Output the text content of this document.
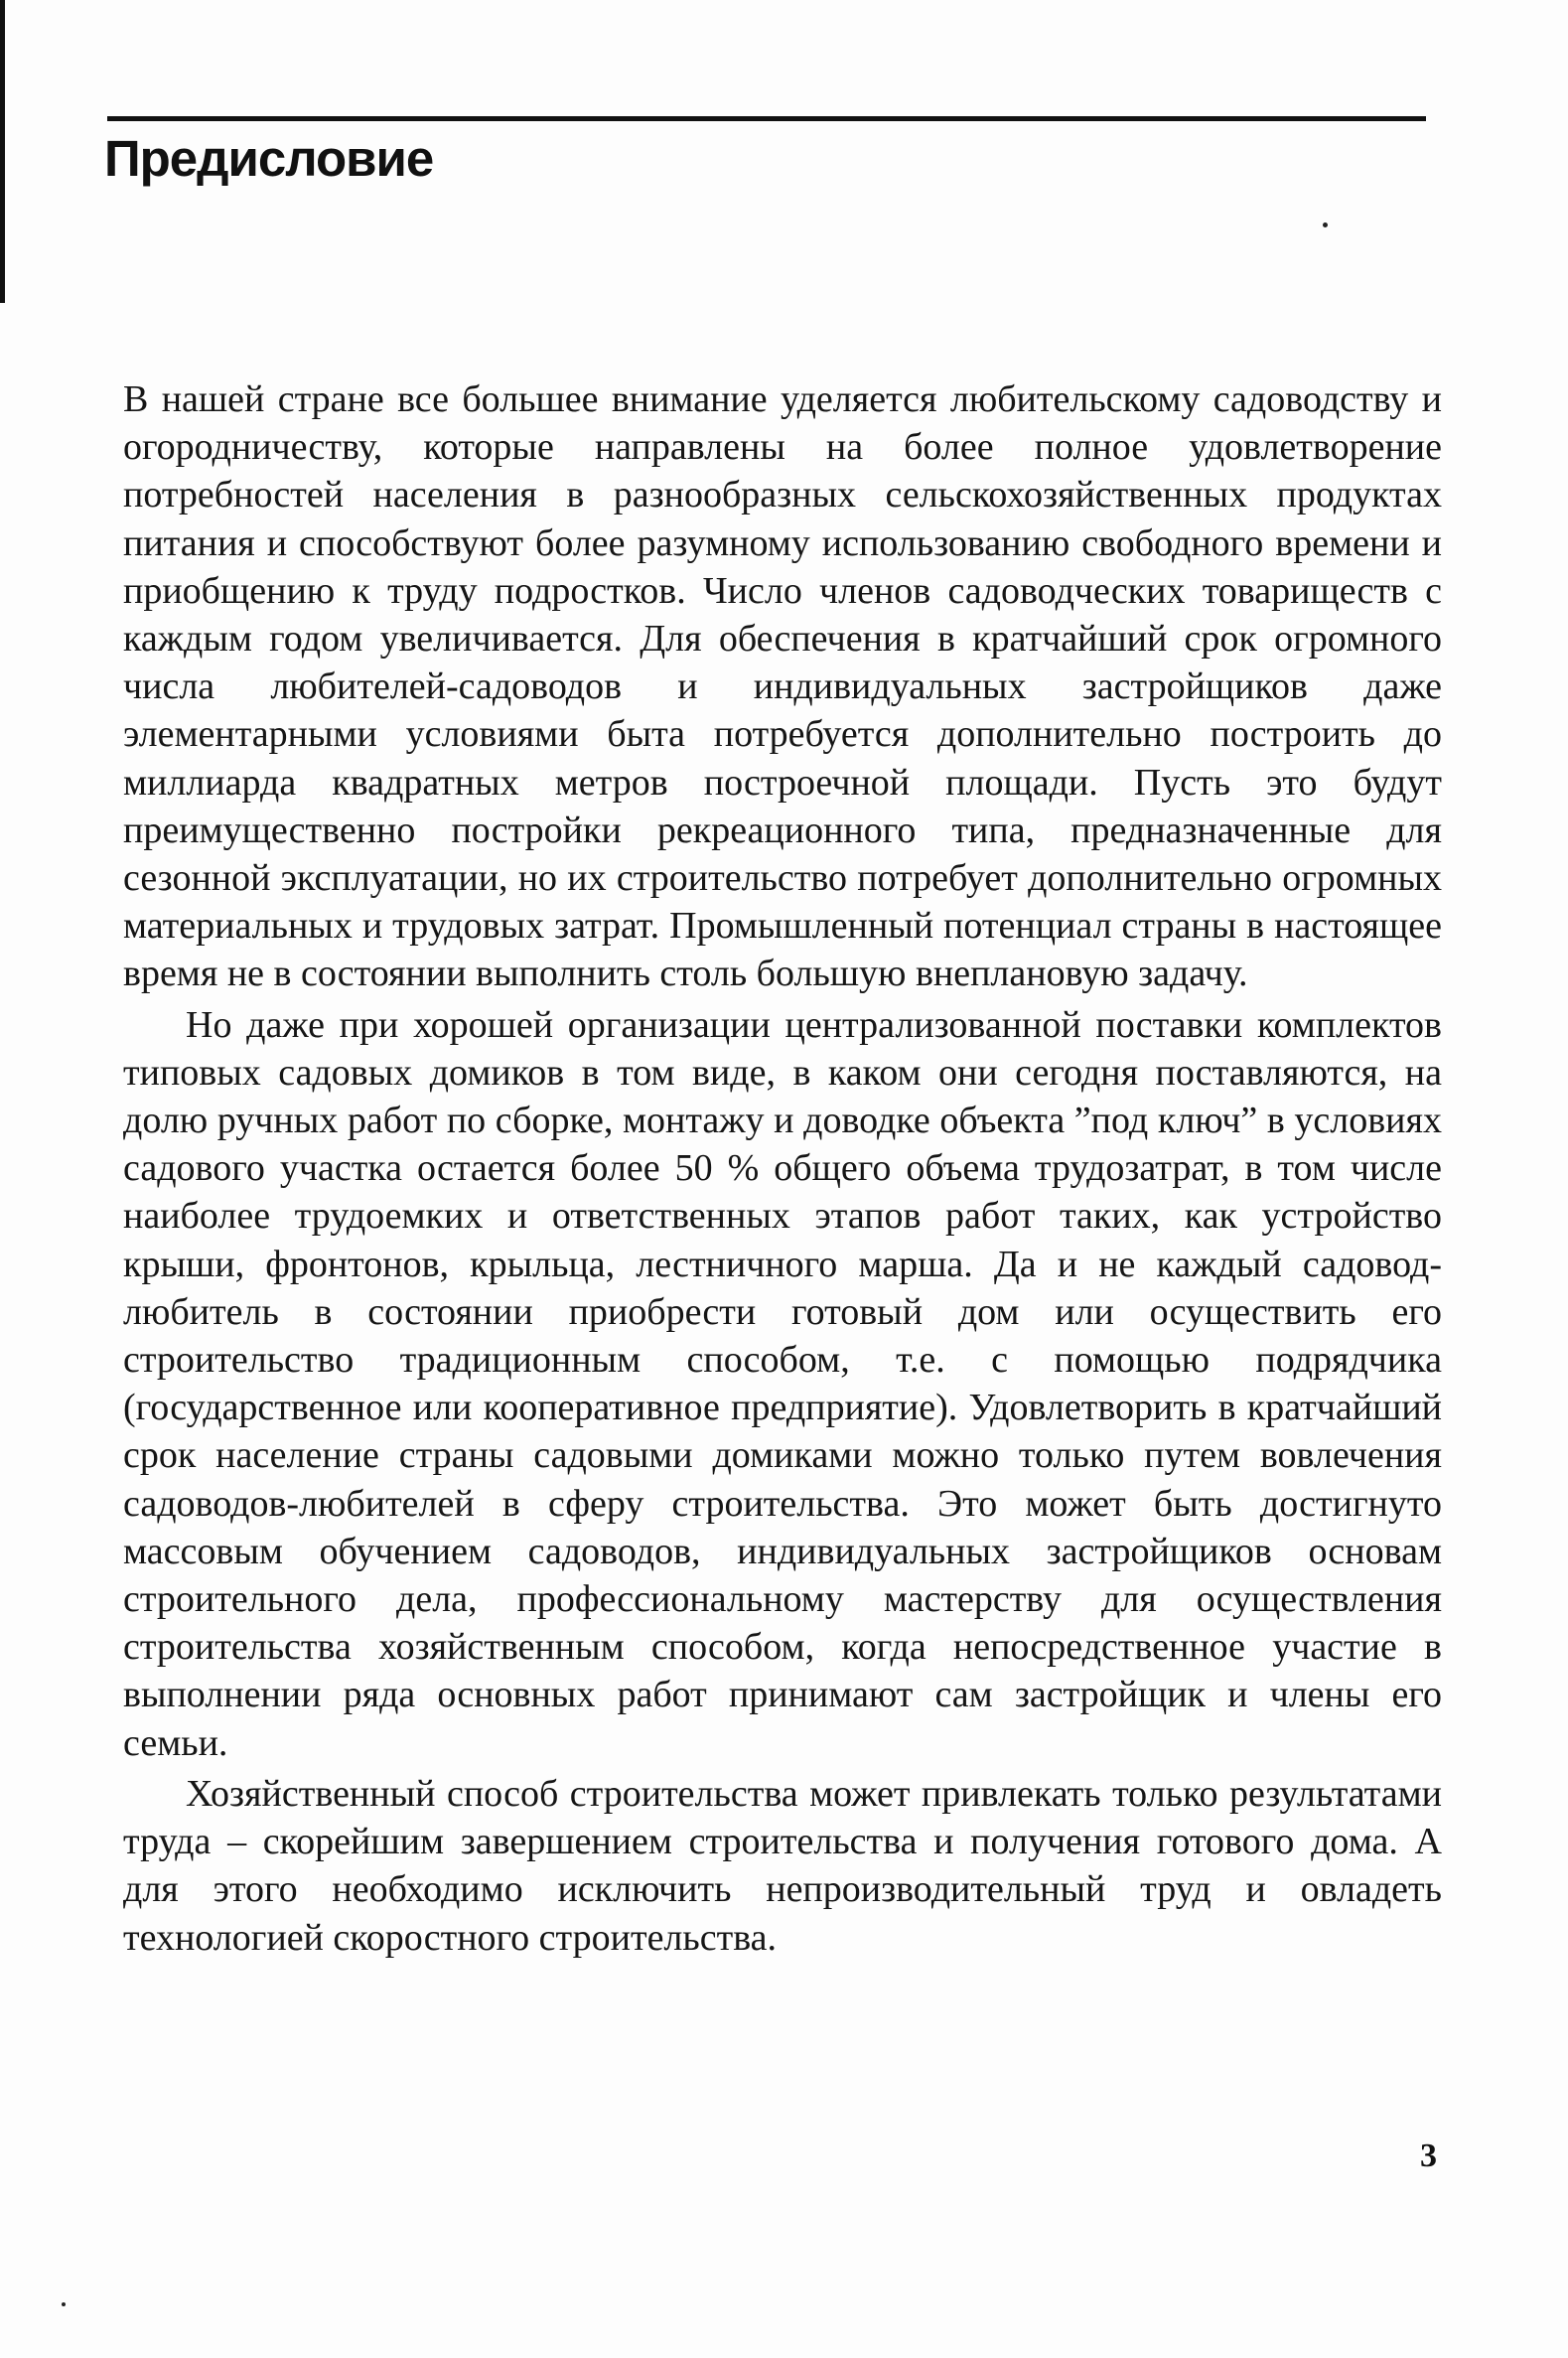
Предисловие

В нашей стране все большее внимание уделяется любительскому садоводству и огородничеству, которые направлены на более полное удовлетворение потребностей населения в разнообразных сельскохозяйственных продуктах питания и способствуют более разумному использованию свободного времени и приобщению к труду подростков. Число членов садоводческих товариществ с каждым годом увеличивается. Для обеспечения в кратчайший срок огромного числа любителей-садоводов и индивидуальных застройщиков даже элементарными условиями быта потребуется дополнительно построить до миллиарда квадратных метров построечной площади. Пусть это будут преимущественно постройки рекреационного типа, предназначенные для сезонной эксплуатации, но их строительство потребует дополнительно огромных материальных и трудовых затрат. Промышленный потенциал страны в настоящее время не в состоянии выполнить столь большую внеплановую задачу.

Но даже при хорошей организации централизованной поставки комплектов типовых садовых домиков в том виде, в каком они сегодня поставляются, на долю ручных работ по сборке, монтажу и доводке объекта ”под ключ” в условиях садового участка остается более 50 % общего объема трудозатрат, в том числе наиболее трудоемких и ответственных этапов работ таких, как устройство крыши, фронтонов, крыльца, лестничного марша. Да и не каждый садовод-любитель в состоянии приобрести готовый дом или осуществить его строительство традиционным способом, т.е. с помощью подрядчика (государственное или кооперативное предприятие). Удовлетворить в кратчайший срок население страны садовыми домиками можно только путем вовлечения садоводов-любителей в сферу строительства. Это может быть достигнуто массовым обучением садоводов, индивидуальных застройщиков основам строительного дела, профессиональному мастерству для осуществления строительства хозяйственным способом, когда непосредственное участие в выполнении ряда основных работ принимают сам застройщик и члены его семьи.

Хозяйственный способ строительства может привлекать только результатами труда – скорейшим завершением строительства и получения готового дома. А для этого необходимо исключить непроизводительный труд и овладеть технологией скоростного строительства.

3
